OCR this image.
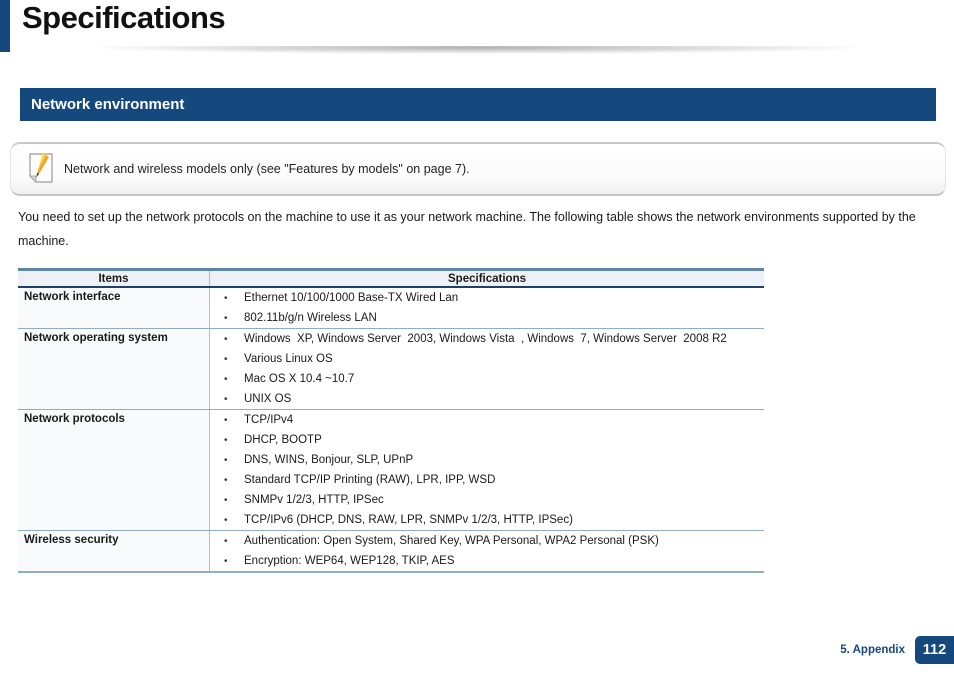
Specifications
Network environment
Network and wireless models only (see "Features by models" on page 7).

You need to set up the network protocols on the machine to use it as your network machine. The following table shows the network environments supported by the machine.

Items	Specifications
Network interface	•	Ethernet 10/100/1000 Base-TX Wired Lan
•	802.11b/g/n Wireless LAN
Network operating system	•	Windows  XP, Windows Server  2003, Windows Vista  , Windows  7, Windows Server  2008 R2
•	Various Linux OS
•	Mac OS X 10.4 ~10.7
•	UNIX OS
Network protocols	•	TCP/IPv4
•	DHCP, BOOTP
•	DNS, WINS, Bonjour, SLP, UPnP
•	Standard TCP/IP Printing (RAW), LPR, IPP, WSD
•	SNMPv 1/2/3, HTTP, IPSec
•	TCP/IPv6 (DHCP, DNS, RAW, LPR, SNMPv 1/2/3, HTTP, IPSec)
Wireless security	•	Authentication: Open System, Shared Key, WPA Personal, WPA2 Personal (PSK)
•	Encryption: WEP64, WEP128, TKIP, AES
5. Appendix 112
